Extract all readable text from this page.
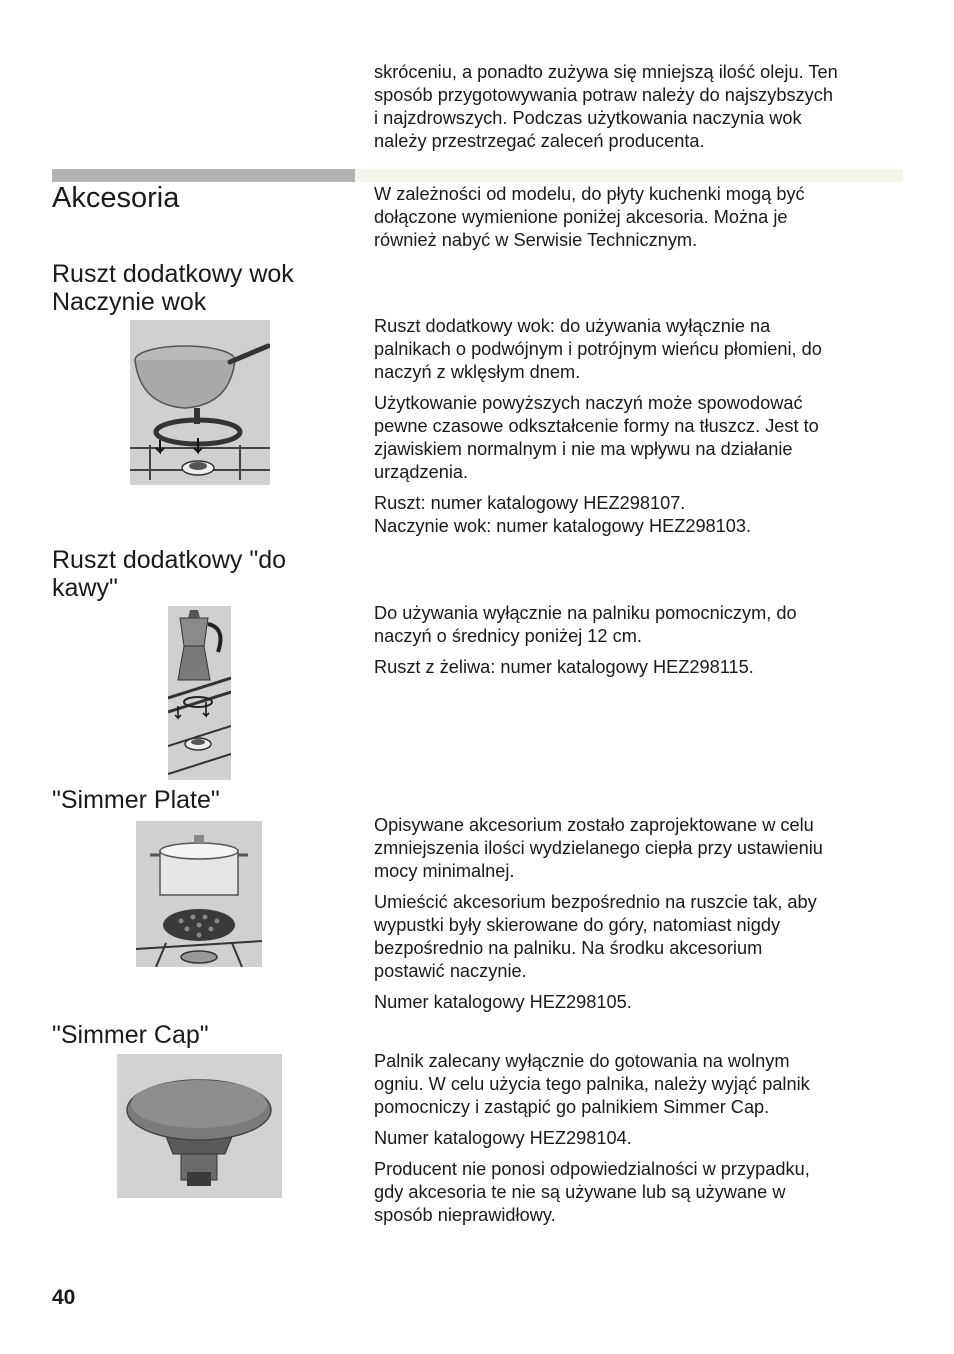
skróceniu, a ponadto zużywa się mniejszą ilość oleju. Ten
sposób przygotowywania potraw należy do najszybszych
i najzdrowszych. Podczas użytkowania naczynia wok
należy przestrzegać zaleceń producenta.

Akcesoria	W zależności od modelu, do płyty kuchenki mogą być
dołączone wymienione poniżej akcesoria. Można je
również nabyć w Serwisie Technicznym.

Ruszt dodatkowy wok
Naczynie wok

Ruszt dodatkowy wok: do używania wyłącznie na
palnikach o podwójnym i potrójnym wieńcu płomieni, do
naczyń z wklęsłym dnem.

Użytkowanie powyższych naczyń może spowodować
pewne czasowe odkształcenie formy na tłuszcz. Jest to
zjawiskiem normalnym i nie ma wpływu na działanie
urządzenia.

Ruszt: numer katalogowy HEZ298107.
Naczynie wok: numer katalogowy HEZ298103.

Ruszt dodatkowy "do
kawy"

Do używania wyłącznie na palniku pomocniczym, do
naczyń o średnicy poniżej 12 cm.

Ruszt z żeliwa: numer katalogowy HEZ298115.

"Simmer Plate"

Opisywane akcesorium zostało zaprojektowane w celu
zmniejszenia ilości wydzielanego ciepła przy ustawieniu
mocy minimalnej.

Umieścić akcesorium bezpośrednio na ruszcie tak, aby
wypustki były skierowane do góry, natomiast nigdy
bezpośrednio na palniku. Na środku akcesorium
postawić naczynie.

Numer katalogowy HEZ298105.

"Simmer Cap"

Palnik zalecany wyłącznie do gotowania na wolnym
ogniu. W celu użycia tego palnika, należy wyjąć palnik
pomocniczy i zastąpić go palnikiem Simmer Cap.

Numer katalogowy HEZ298104.

Producent nie ponosi odpowiedzialności w przypadku,
gdy akcesoria te nie są używane lub są używane w
sposób nieprawidłowy.

40
